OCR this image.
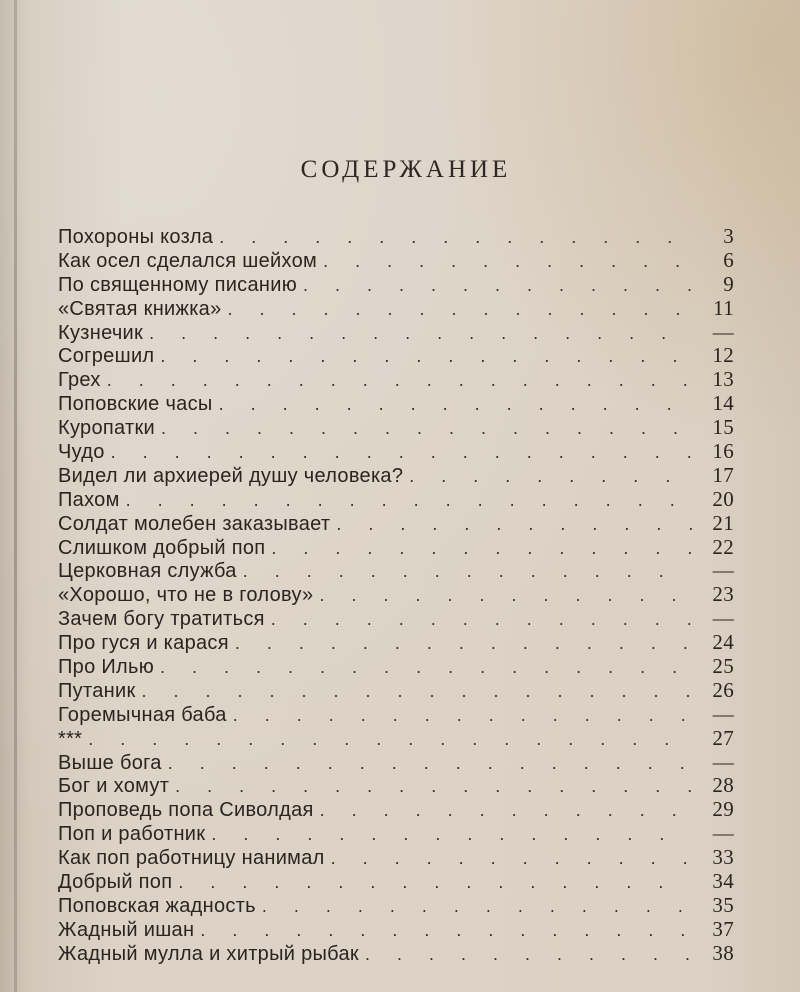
СОДЕРЖАНИЕ
Похороны козла . . .	3
Как осел сделался шейхом . . .	6
По священному писанию . . .	9
«Святая книжка» . . .	11
Кузнечик . . .	—
Согрешил . . .	12
Грех . . .	13
Поповские часы . . .	14
Куропатки . . .	15
Чудо . . .	16
Видел ли архиерей душу человека? . . .	17
Пахом . . .	20
Солдат молебен заказывает . . .	21
Слишком добрый поп . . .	22
Церковная служба . . .	—
«Хорошо, что не в голову» . . .	23
Зачем богу тратиться . . .	—
Про гуся и карася . . .	24
Про Илью . . .	25
Путаник . . .	26
Горемычная баба . . .	—
*** . . .	27
Выше бога . . .	—
Бог и хомут . . .	28
Проповедь попа Сиволдая . . .	29
Поп и работник . . .	—
Как поп работницу нанимал . . .	33
Добрый поп . . .	34
Поповская жадность . . .	35
Жадный ишан . . .	37
Жадный мулла и хитрый рыбак . . .	38
